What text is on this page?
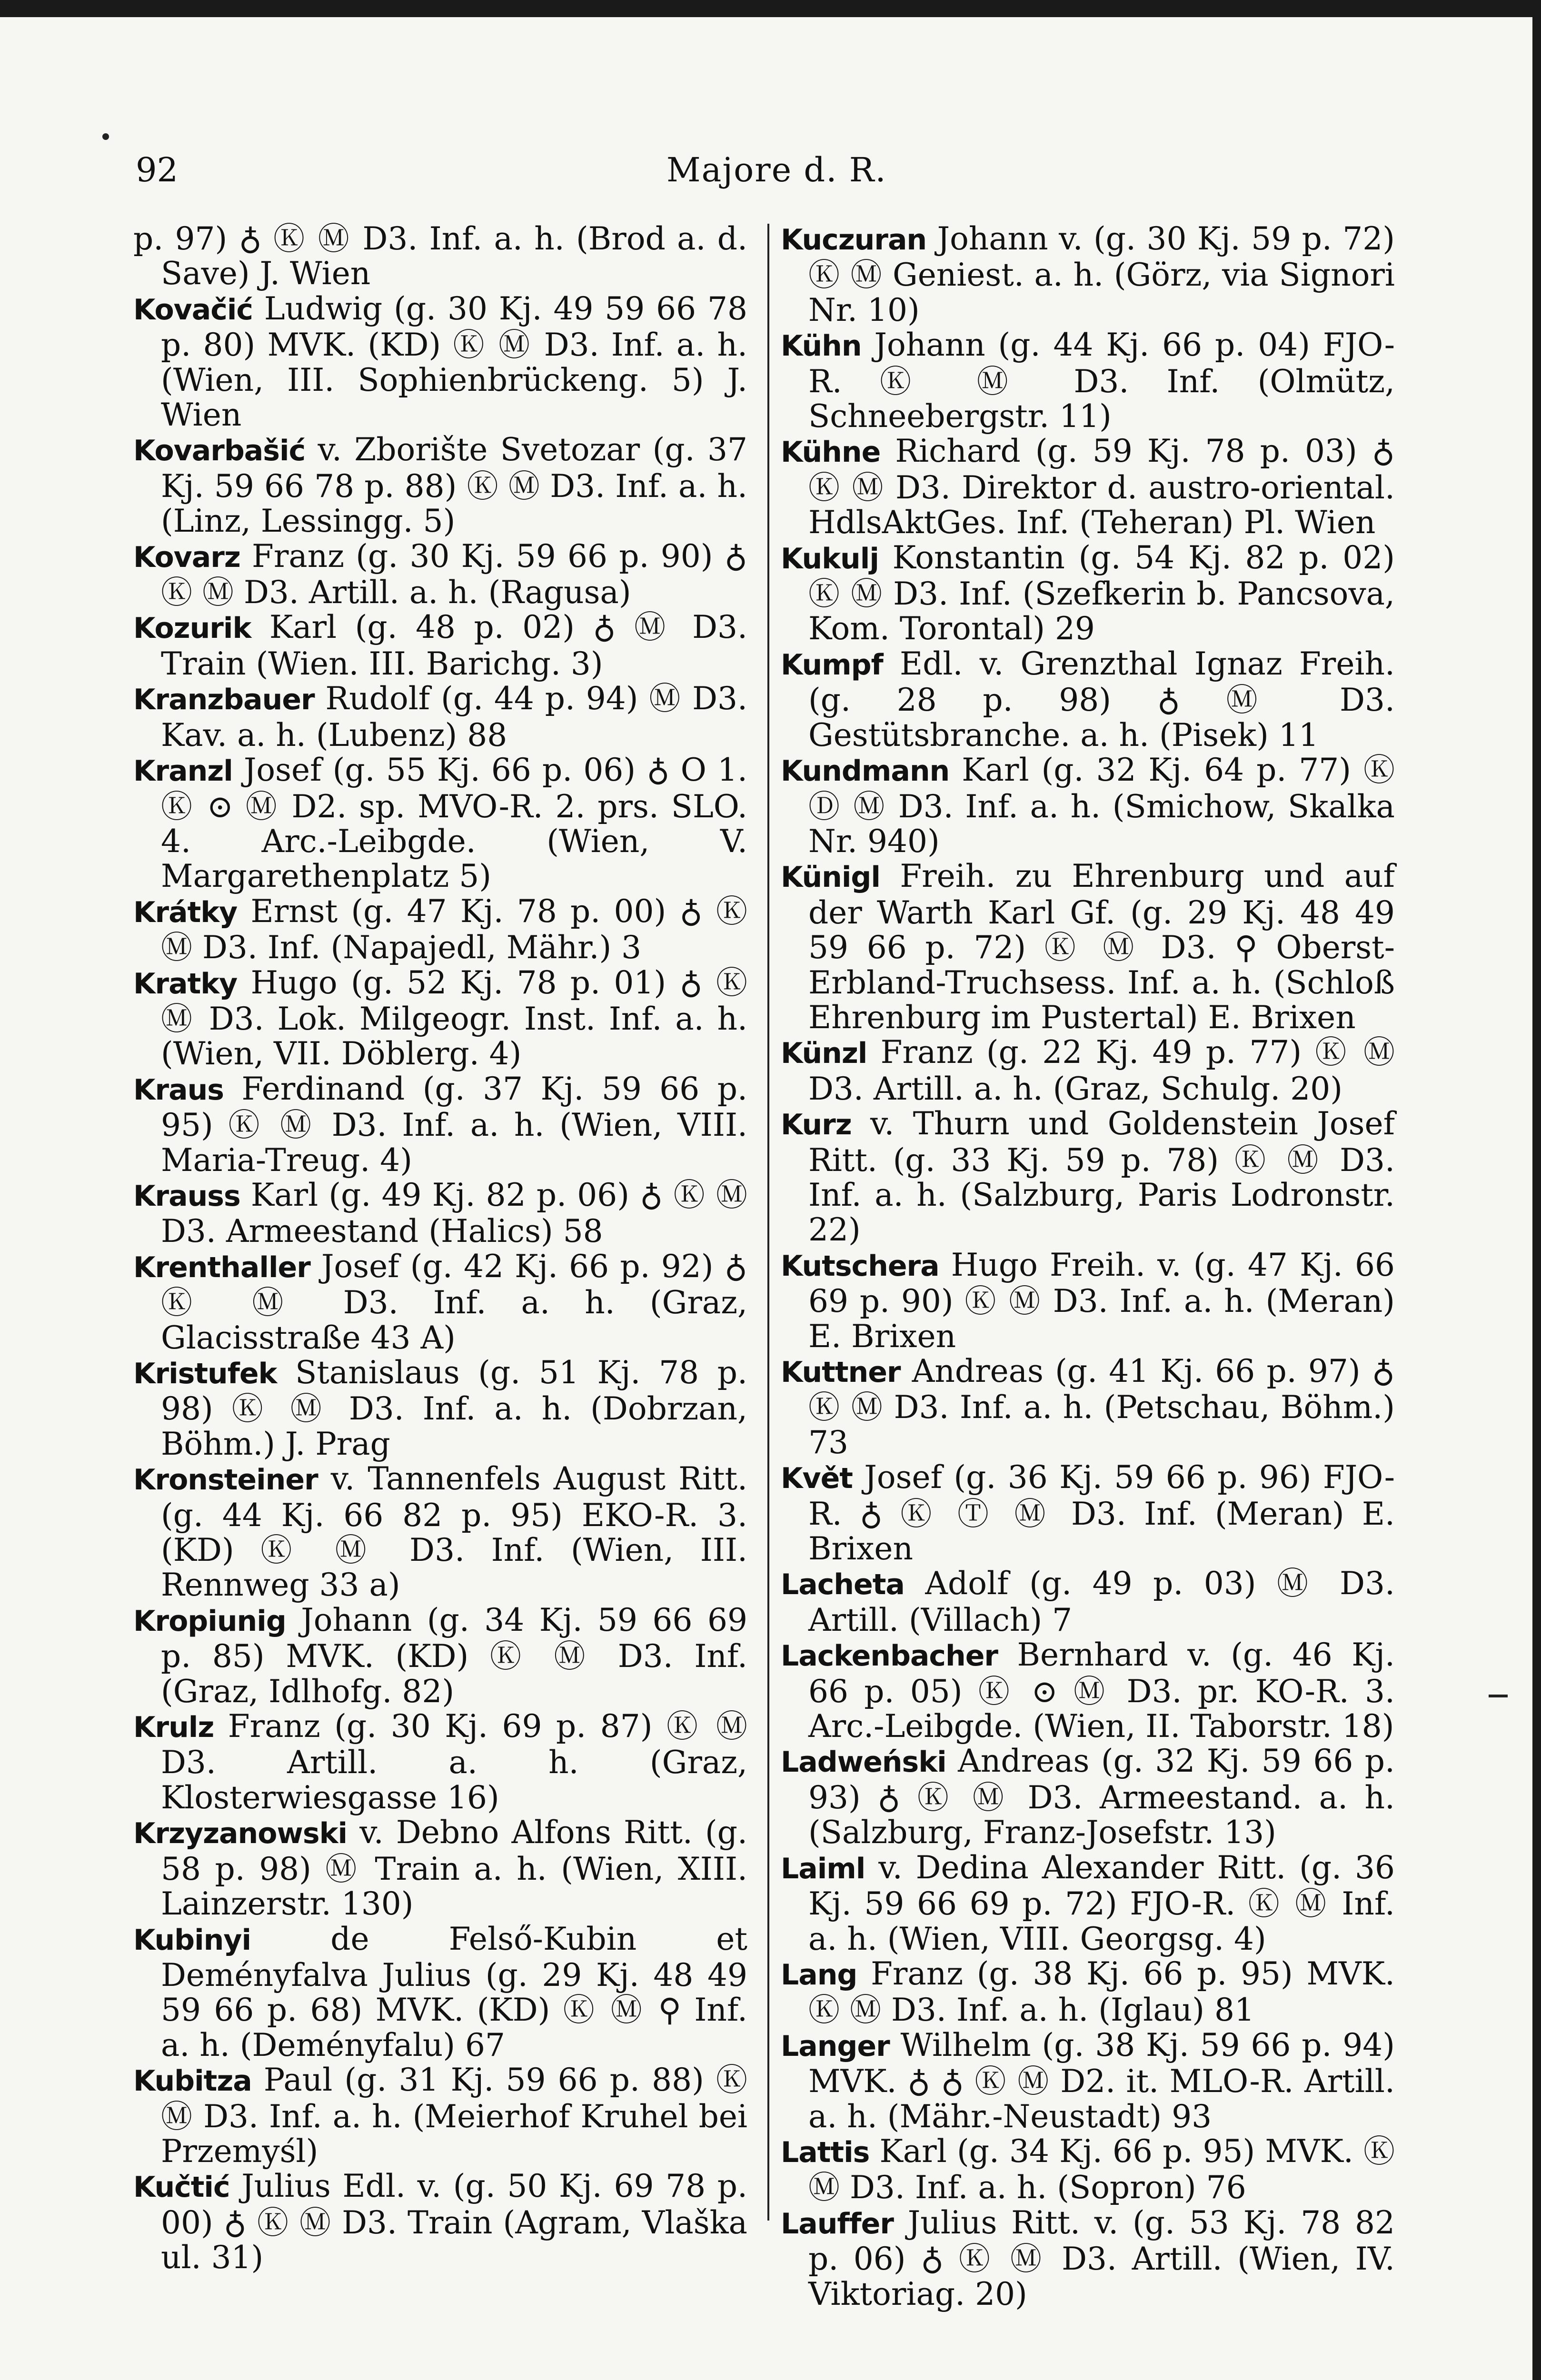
92	Majore d. R.

p. 97) ♁ Ⓚ Ⓜ D3. Inf. a. h. (Brod a. d. Save) J. Wien

Kovačić Ludwig (g. 30 Kj. 49 59 66 78 p. 80) MVK. (KD) Ⓚ Ⓜ D3. Inf. a. h. (Wien, III. Sophienbrückeng. 5) J. Wien

Kovarbašić v. Zborište Svetozar (g. 37 Kj. 59 66 78 p. 88) Ⓚ Ⓜ D3. Inf. a. h. (Linz, Lessingg. 5)

Kovarz Franz (g. 30 Kj. 59 66 p. 90) ♁ Ⓚ Ⓜ D3. Artill. a. h. (Ragusa)

Kozurik Karl (g. 48 p. 02) ♁ Ⓜ D3. Train (Wien. III. Barichg. 3)

Kranzbauer Rudolf (g. 44 p. 94) Ⓜ D3. Kav. a. h. (Lubenz) 88

Kranzl Josef (g. 55 Kj. 66 p. 06) ♁ O 1. Ⓚ ⊙ Ⓜ D2. sp. MVO-R. 2. prs. SLO. 4. Arc.-Leibgde. (Wien, V. Margarethenplatz 5)

Krátky Ernst (g. 47 Kj. 78 p. 00) ♁ Ⓚ Ⓜ D3. Inf. (Napajedl, Mähr.) 3

Kratky Hugo (g. 52 Kj. 78 p. 01) ♁ Ⓚ Ⓜ D3. Lok. Milgeogr. Inst. Inf. a. h. (Wien, VII. Döblerg. 4)

Kraus Ferdinand (g. 37 Kj. 59 66 p. 95) Ⓚ Ⓜ D3. Inf. a. h. (Wien, VIII. Maria-Treug. 4)

Krauss Karl (g. 49 Kj. 82 p. 06) ♁ Ⓚ Ⓜ D3. Armeestand (Halics) 58

Krenthaller Josef (g. 42 Kj. 66 p. 92) ♁ Ⓚ Ⓜ D3. Inf. a. h. (Graz, Glacisstraße 43 A)

Kristufek Stanislaus (g. 51 Kj. 78 p. 98) Ⓚ Ⓜ D3. Inf. a. h. (Dobrzan, Böhm.) J. Prag

Kronsteiner v. Tannenfels August Ritt. (g. 44 Kj. 66 82 p. 95) EKO-R. 3. (KD) Ⓚ Ⓜ D3. Inf. (Wien, III. Rennweg 33 a)

Kropiunig Johann (g. 34 Kj. 59 66 69 p. 85) MVK. (KD) Ⓚ Ⓜ D3. Inf. (Graz, Idlhofg. 82)

Krulz Franz (g. 30 Kj. 69 p. 87) Ⓚ Ⓜ D3. Artill. a. h. (Graz, Klosterwiesgasse 16)

Krzyzanowski v. Debno Alfons Ritt. (g. 58 p. 98) Ⓜ Train a. h. (Wien, XIII. Lainzerstr. 130)

Kubinyi de Felső-Kubin et Deményfalva Julius (g. 29 Kj. 48 49 59 66 p. 68) MVK. (KD) Ⓚ Ⓜ ⚲ Inf. a. h. (Deményfalu) 67

Kubitza Paul (g. 31 Kj. 59 66 p. 88) Ⓚ Ⓜ D3. Inf. a. h. (Meierhof Kruhel bei Przemyśl)

Kučtić Julius Edl. v. (g. 50 Kj. 69 78 p. 00) ♁ Ⓚ Ⓜ D3. Train (Agram, Vlaška ul. 31)

Kuczuran Johann v. (g. 30 Kj. 59 p. 72) Ⓚ Ⓜ Geniest. a. h. (Görz, via Signori Nr. 10)

Kühn Johann (g. 44 Kj. 66 p. 04) FJO-R. Ⓚ Ⓜ D3. Inf. (Olmütz, Schneebergstr. 11)

Kühne Richard (g. 59 Kj. 78 p. 03) ♁ Ⓚ Ⓜ D3. Direktor d. austro-oriental. HdlsAktGes. Inf. (Teheran) Pl. Wien

Kukulj Konstantin (g. 54 Kj. 82 p. 02) Ⓚ Ⓜ D3. Inf. (Szefkerin b. Pancsova, Kom. Torontal) 29

Kumpf Edl. v. Grenzthal Ignaz Freih. (g. 28 p. 98) ♁ Ⓜ D3. Gestütsbranche. a. h. (Pisek) 11

Kundmann Karl (g. 32 Kj. 64 p. 77) Ⓚ Ⓓ Ⓜ D3. Inf. a. h. (Smichow, Skalka Nr. 940)

Künigl Freih. zu Ehrenburg und auf der Warth Karl Gf. (g. 29 Kj. 48 49 59 66 p. 72) Ⓚ Ⓜ D3. ⚲ Oberst-Erbland-Truchsess. Inf. a. h. (Schloß Ehrenburg im Pustertal) E. Brixen

Künzl Franz (g. 22 Kj. 49 p. 77) Ⓚ Ⓜ D3. Artill. a. h. (Graz, Schulg. 20)

Kurz v. Thurn und Goldenstein Josef Ritt. (g. 33 Kj. 59 p. 78) Ⓚ Ⓜ D3. Inf. a. h. (Salzburg, Paris Lodronstr. 22)

Kutschera Hugo Freih. v. (g. 47 Kj. 66 69 p. 90) Ⓚ Ⓜ D3. Inf. a. h. (Meran) E. Brixen

Kuttner Andreas (g. 41 Kj. 66 p. 97) ♁ Ⓚ Ⓜ D3. Inf. a. h. (Petschau, Böhm.) 73

Květ Josef (g. 36 Kj. 59 66 p. 96) FJO-R. ♁ Ⓚ Ⓣ Ⓜ D3. Inf. (Meran) E. Brixen

Lacheta Adolf (g. 49 p. 03) Ⓜ D3. Artill. (Villach) 7

Lackenbacher Bernhard v. (g. 46 Kj. 66 p. 05) Ⓚ ⊙ Ⓜ D3. pr. KO-R. 3. Arc.-Leibgde. (Wien, II. Taborstr. 18)

Ladweński Andreas (g. 32 Kj. 59 66 p. 93) ♁ Ⓚ Ⓜ D3. Armeestand. a. h. (Salzburg, Franz-Josefstr. 13)

Laiml v. Dedina Alexander Ritt. (g. 36 Kj. 59 66 69 p. 72) FJO-R. Ⓚ Ⓜ Inf. a. h. (Wien, VIII. Georgsg. 4)

Lang Franz (g. 38 Kj. 66 p. 95) MVK. Ⓚ Ⓜ D3. Inf. a. h. (Iglau) 81

Langer Wilhelm (g. 38 Kj. 59 66 p. 94) MVK. ♁ ♁ Ⓚ Ⓜ D2. it. MLO-R. Artill. a. h. (Mähr.-Neustadt) 93

Lattis Karl (g. 34 Kj. 66 p. 95) MVK. Ⓚ Ⓜ D3. Inf. a. h. (Sopron) 76

Lauffer Julius Ritt. v. (g. 53 Kj. 78 82 p. 06) ♁ Ⓚ Ⓜ D3. Artill. (Wien, IV. Viktoriag. 20)
